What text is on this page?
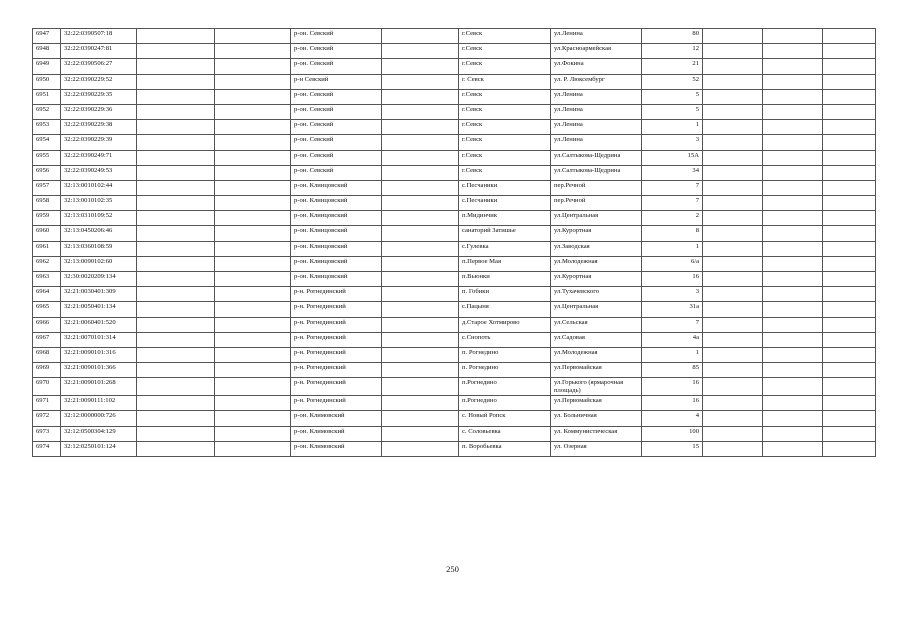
6947	32:22:0390507:18			р-он. Севский		г.Севск	ул.Ленина	80			
6948	32:22:0390247:81			р-он. Севский		г.Севск	ул.Красноармейская	12			
6949	32:22:0390506:27			р-он. Севский		г.Севск	ул.Фокина	21			
6950	32:22:0390229:52			р-н Севский		г. Севск	ул. Р. Люксембург	52			
6951	32:22:0390229:35			р-он. Севский		г.Севск	ул.Ленина	5			
6952	32:22:0390229:36			р-он. Севский		г.Севск	ул.Ленина	5			
6953	32:22:0390229:38			р-он. Севский		г.Севск	ул.Ленина	1			
6954	32:22:0390229:39			р-он. Севский		г.Севск	ул.Ленина	3			
6955	32:22:0390249:71			р-он. Севский		г.Севск	ул.Салтыкова-Щедрина	15А			
6956	32:22:0390249:53			р-он. Севский		г.Севск	ул.Салтыкова-Щедрина	34			
6957	32:13:0010102:44			р-он. Клинцовский		с.Песчаники	пер.Речной	7			
6958	32:13:0010102:35			р-он. Клинцовский		с.Песчаники	пер.Речной	7			
6959	32:13:0310109:52			р-он. Клинцовский		п.Мидинчик	ул.Центральная	2			
6960	32:13:0450206:46			р-он. Клинцовский		санаторий Затишье	ул.Курортная	8			
6961	32:13:0360108:59			р-он. Клинцовский		с.Гулевка	ул.Заводская	1			
6962	32:13:0090102:60			р-он. Клинцовский		п.Первое Мая	ул.Молодежная	6/а			
6963	32:30:0020209:134			р-он. Клинцовский		п.Вьюнки	ул.Курортная	16			
6964	32:21:0030401:309			р-н. Рогнединский		п. Гобики	ул.Тухачевского	3			
6965	32:21:0050401:134			р-н. Рогнединский		с.Пацыня	ул.Центральная	31а			
6966	32:21:0060401:520			р-н. Рогнединский		д.Старое Хотмирово	ул.Сельская	7			
6967	32:21:0070101:314			р-н. Рогнединский		с.Снопоть	ул.Садовая	4а			
6968	32:21:0090101:316			р-н. Рогнединский		п. Рогнедино	ул.Молодежная	1			
6969	32:21:0090101:366			р-н. Рогнединский		п. Рогнедино	ул.Первомайская	85			
6970	32:21:0090101:268			р-н. Рогнединский		п.Рогнедино	ул.Горького (ярмарочная площадь)	16			
6971	32:21:0090111:102			р-н. Рогнединский		п.Рогнедино	ул.Первомайская	16			
6972	32:12:0000000:726			р-он. Климовский		с. Новый Ропск	ул. Больничная	4			
6973	32:12:0500304:129			р-он. Климовский		с. Соловьевка	ул. Коммунистическая	100			
6974	32:12:0250101:124			р-он. Климовский		п. Воробьевка	ул. Озерная	15			
250
